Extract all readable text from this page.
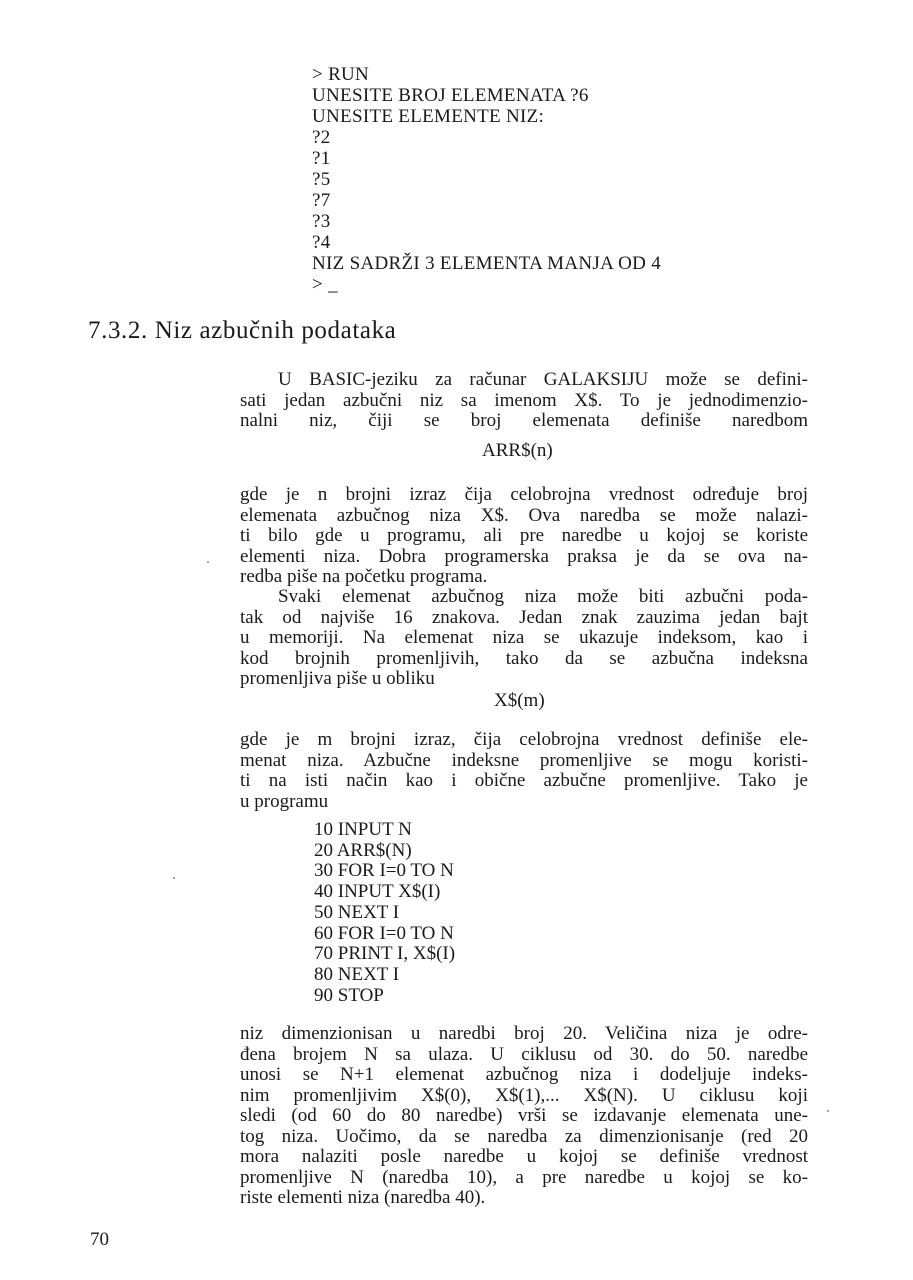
> RUN
UNESITE BROJ ELEMENATA ?6
UNESITE ELEMENTE NIZ:
?2
?1
?5
?7
?3
?4
NIZ SADRŽI 3 ELEMENTA MANJA OD 4
> _
7.3.2. Niz azbučnih podataka
U BASIC-jeziku za računar GALAKSIJU može se defini-
sati jedan azbučni niz sa imenom X$. To je jednodimenzio-
nalni niz, čiji se broj elemenata definiše naredbom
ARR$(n)
gde je n brojni izraz čija celobrojna vrednost određuje broj
elemenata azbučnog niza X$. Ova naredba se može nalazi-
ti bilo gde u programu, ali pre naredbe u kojoj se koriste
elementi niza. Dobra programerska praksa je da se ova na-
redba piše na početku programa.
Svaki elemenat azbučnog niza može biti azbučni poda-
tak od najviše 16 znakova. Jedan znak zauzima jedan bajt
u memoriji. Na elemenat niza se ukazuje indeksom, kao i
kod brojnih promenljivih, tako da se azbučna indeksna
promenljiva piše u obliku
X$(m)
gde je m brojni izraz, čija celobrojna vrednost definiše ele-
menat niza. Azbučne indeksne promenljive se mogu koristi-
ti na isti način kao i obične azbučne promenljive. Tako je
u programu
10 INPUT N
20 ARR$(N)
30 FOR I=0 TO N
40 INPUT X$(I)
50 NEXT I
60 FOR I=0 TO N
70 PRINT I, X$(I)
80 NEXT I
90 STOP
niz dimenzionisan u naredbi broj 20. Veličina niza je odre-
đena brojem N sa ulaza. U ciklusu od 30. do 50. naredbe
unosi se N+1 elemenat azbučnog niza i dodeljuje indeks-
nim promenljivim X$(0), X$(1),... X$(N). U ciklusu koji
sledi (od 60 do 80 naredbe) vrši se izdavanje elemenata une-
tog niza. Uočimo, da se naredba za dimenzionisanje (red 20
mora nalaziti posle naredbe u kojoj se definiše vrednost
promenljive N (naredba 10), a pre naredbe u kojoj se ko-
riste elementi niza (naredba 40).
70
